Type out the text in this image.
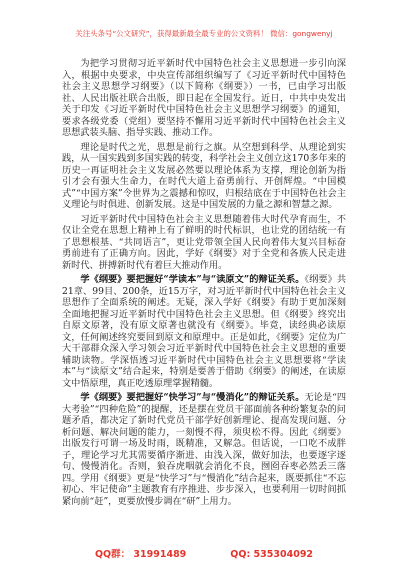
关注头条号“公文研究”，获得最新最全最专业的公文资料！ 微信：gongwenyj

为把学习贯彻习近平新时代中国特色社会主义思想进一步引向深入，根据中央要求，中央宣传部组织编写了《习近平新时代中国特色社会主义思想学习纲要》（以下简称《纲要》）一书，已由学习出版社、人民出版社联合出版，即日起在全国发行。近日，中共中央发出关于印发《习近平新时代中国特色社会主义思想学习纲要》的通知，要求各级党委（党组）要坚持不懈用习近平新时代中国特色社会主义思想武装头脑、指导实践、推动工作。

理论是时代之光，思想是前行之旗。从空想到科学、从理论到实践，从一国实践到多国实践的转变，科学社会主义创立这170多年来的历史一再证明社会主义发展必然要以理论体系为支撑，理论创新为指引才会有强大生命力，在时代大道上奋勇前行、开创辉煌。“中国模式”“中国方案”令世界为之震撼和惊叹，归根结底在于中国特色社会主义理论与时俱进、创新发展。这是中国发展的力量之源和智慧之源。

习近平新时代中国特色社会主义思想随着伟大时代孕育而生，不仅让全党在思想上精神上有了鲜明的时代标识，也让党的团结统一有了思想根基、“共同语言”，更让党带领全国人民向着伟大复兴目标奋勇前进有了正确方向。因此，学好《纲要》对于全党和各族人民走进新时代、拼搏新时代有着巨大推动作用。

学《纲要》要把握好“学读本”与“读原文”的辩证关系。《纲要》共21章、99目、200条，近15万字，对习近平新时代中国特色社会主义思想作了全面系统的阐述。无疑，深入学好《纲要》有助于更加深刻全面地把握习近平新时代中国特色社会主义思想。但《纲要》终究出自原文原著，没有原文原著也就没有《纲要》。毕竟，读经典必读原文，任何阐述终究要回到原文和原理中。正是如此，《纲要》定位为广大干部群众深入学习领会习近平新时代中国特色社会主义思想的重要辅助读物。学深悟透习近平新时代中国特色社会主义思想要将“学读本”与“读原文”结合起来，特别是要善于借助《纲要》的阐述，在读原文中悟原理，真正吃透原理掌握精髓。

学《纲要》要把握好“快学习”与“慢消化”的辩证关系。无论是“四大考验”“四种危险”的提醒，还是摆在党员干部面前各种纷繁复杂的问题矛盾，都决定了新时代党员干部学好创新理论、提高发现问题、分析问题、解决问题的能力，一刻慢不得，须臾松不得。因此《纲要》出版发行可谓一场及时雨，既精准，又解急。但话说，一口吃不成胖子，理论学习尤其需要循序渐进、由浅入深，做好加法，也要逐字逐句、慢慢消化。否则，狼吞虎咽就会消化不良，囫囵吞枣必然丢三落四。学用《纲要》更是“快学习”与“慢消化”结合起来，既要抓住“不忘初心、牢记使命”主题教育有序推进、步步深入，也要利用一切时间抓紧向前“赶”，更要放慢步调在“研”上用力。

QQ群： 31991489	QQ: 535304092
